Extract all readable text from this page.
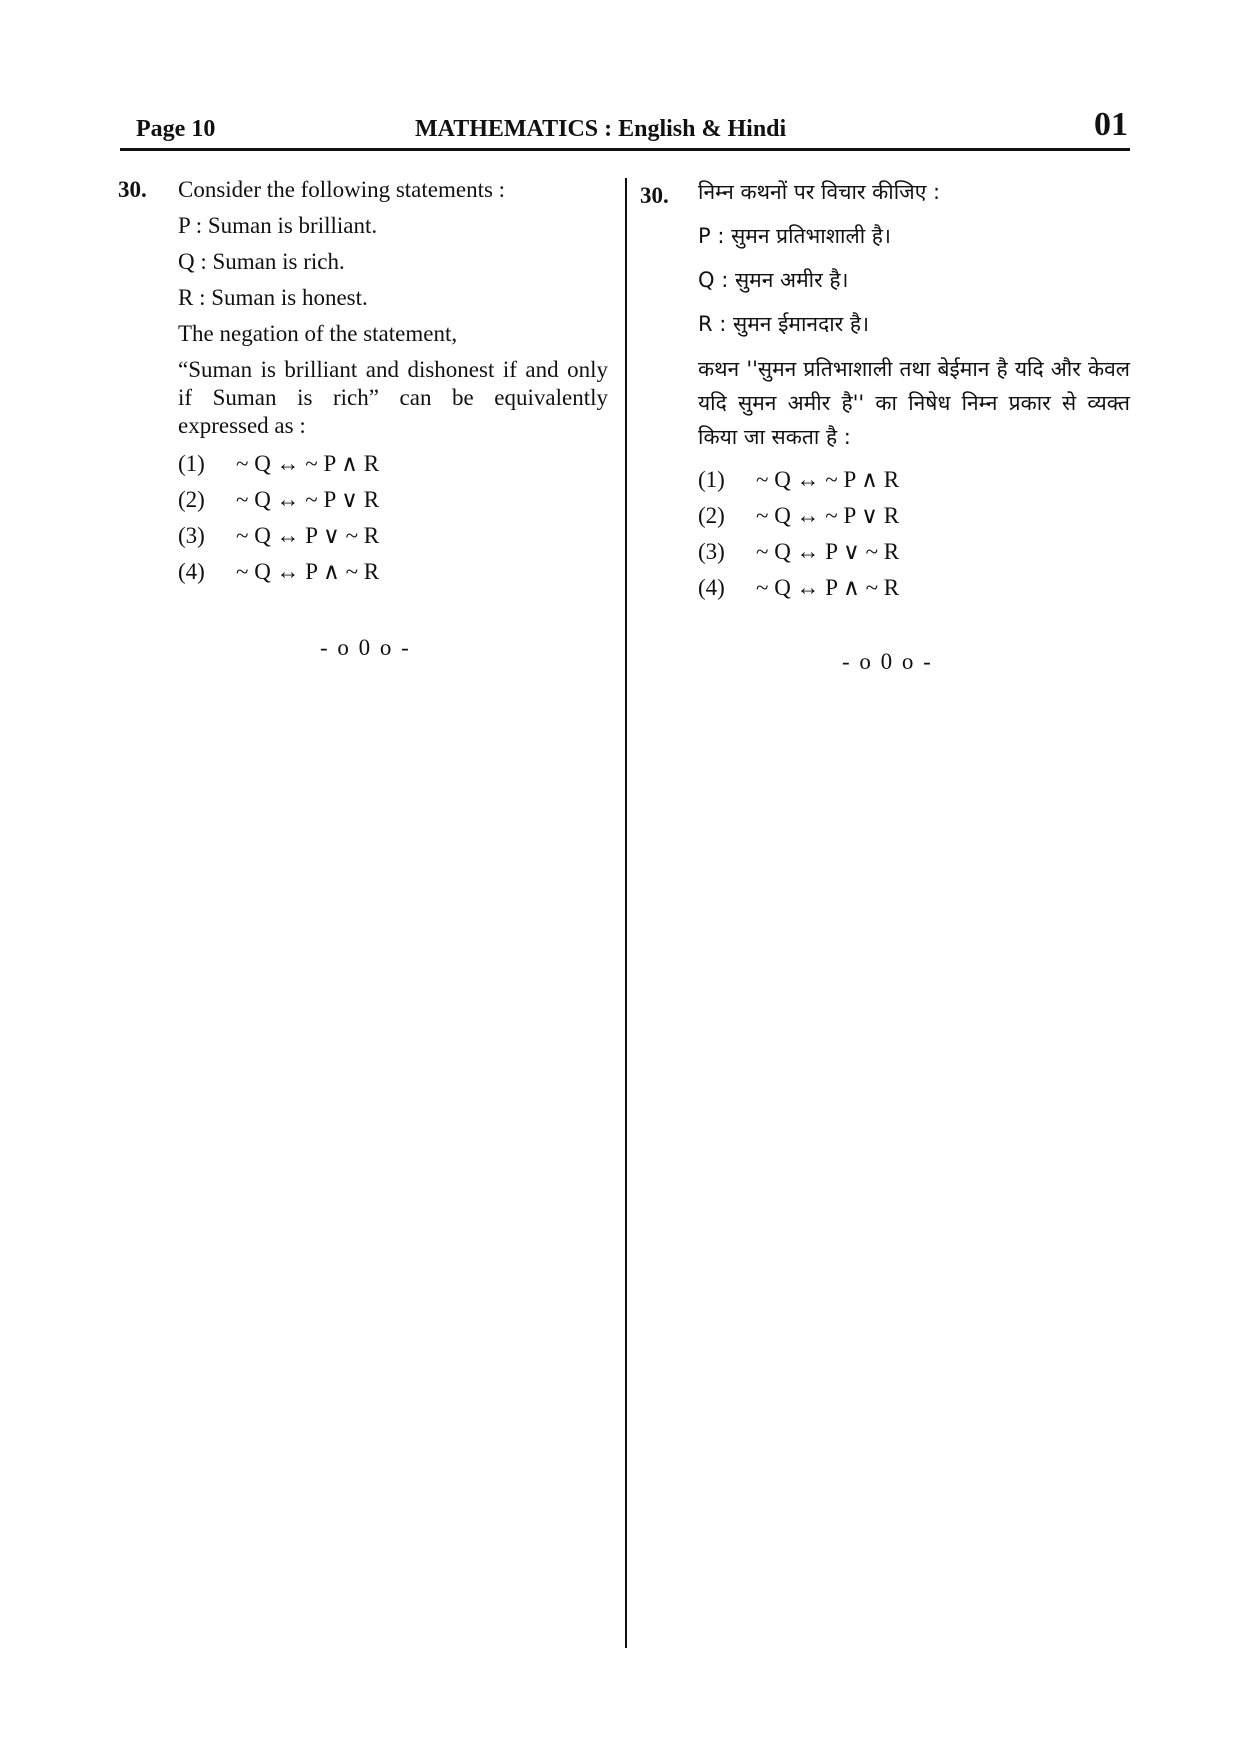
Page 10	MATHEMATICS : English & Hindi	01
30. Consider the following statements :
P : Suman is brilliant.
Q : Suman is rich.
R : Suman is honest.
The negation of the statement,
“Suman is brilliant and dishonest if and only if Suman is rich” can be equivalently expressed as :
(1) ~ Q ↔ ~ P ∧ R
(2) ~ Q ↔ ~ P ∨ R
(3) ~ Q ↔ P ∨ ~ R
(4) ~ Q ↔ P ∧ ~ R
- o 0 o -
30. निम्न कथनों पर विचार कीजिए :
P : सुमन प्रतिभाशाली है।
Q : सुमन अमीर है।
R : सुमन ईमानदार है।
कथन ''सुमन प्रतिभाशाली तथा बेईमान है यदि और केवल यदि सुमन अमीर है'' का निषेध निम्न प्रकार से व्यक्त किया जा सकता है :
(1) ~ Q ↔ ~ P ∧ R
(2) ~ Q ↔ ~ P ∨ R
(3) ~ Q ↔ P ∨ ~ R
(4) ~ Q ↔ P ∧ ~ R
- o 0 o -
